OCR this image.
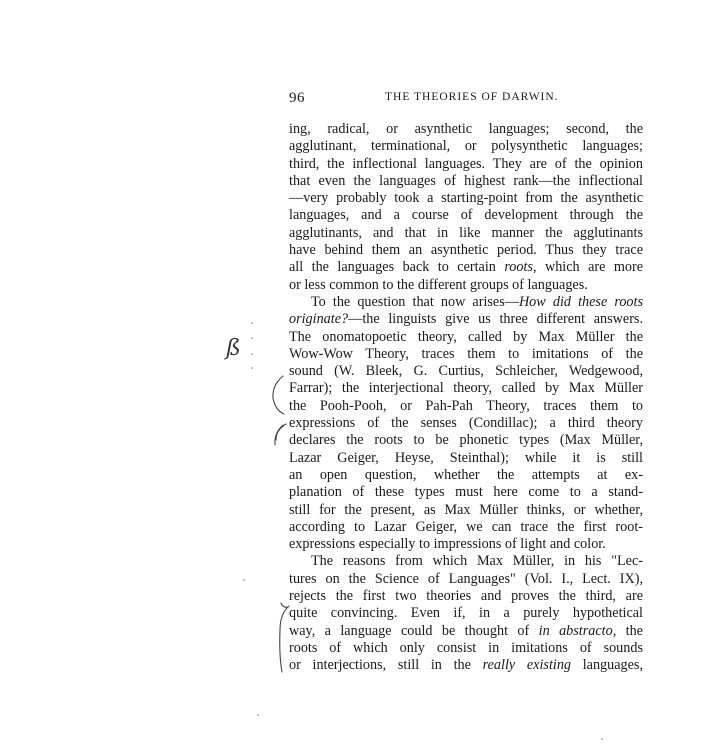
96	THE THEORIES OF DARWIN.
ing, radical, or asynthetic languages; second, the
agglutinant, terminational, or polysynthetic languages;
third, the inflectional languages. They are of the opinion
that even the languages of highest rank—the inflectional
—very probably took a starting-point from the asynthetic
languages, and a course of development through the
agglutinants, and that in like manner the agglutinants
have behind them an asynthetic period. Thus they trace
all the languages back to certain roots, which are more
or less common to the different groups of languages.
To the question that now arises—How did these roots
originate?—the linguists give us three different answers.
The onomatopoetic theory, called by Max Müller the
Wow-Wow Theory, traces them to imitations of the
sound (W. Bleek, G. Curtius, Schleicher, Wedgewood,
Farrar); the interjectional theory, called by Max Müller
the Pooh-Pooh, or Pah-Pah Theory, traces them to
expressions of the senses (Condillac); a third theory
declares the roots to be phonetic types (Max Müller,
Lazar Geiger, Heyse, Steinthal); while it is still
an open question, whether the attempts at ex-
planation of these types must here come to a stand-
still for the present, as Max Müller thinks, or whether,
according to Lazar Geiger, we can trace the first root-
expressions especially to impressions of light and color.
The reasons from which Max Müller, in his "Lec-
tures on the Science of Languages" (Vol. I., Lect. IX),
rejects the first two theories and proves the third, are
quite convincing. Even if, in a purely hypothetical
way, a language could be thought of in abstracto, the
roots of which only consist in imitations of sounds
or interjections, still in the really existing languages,
ß
